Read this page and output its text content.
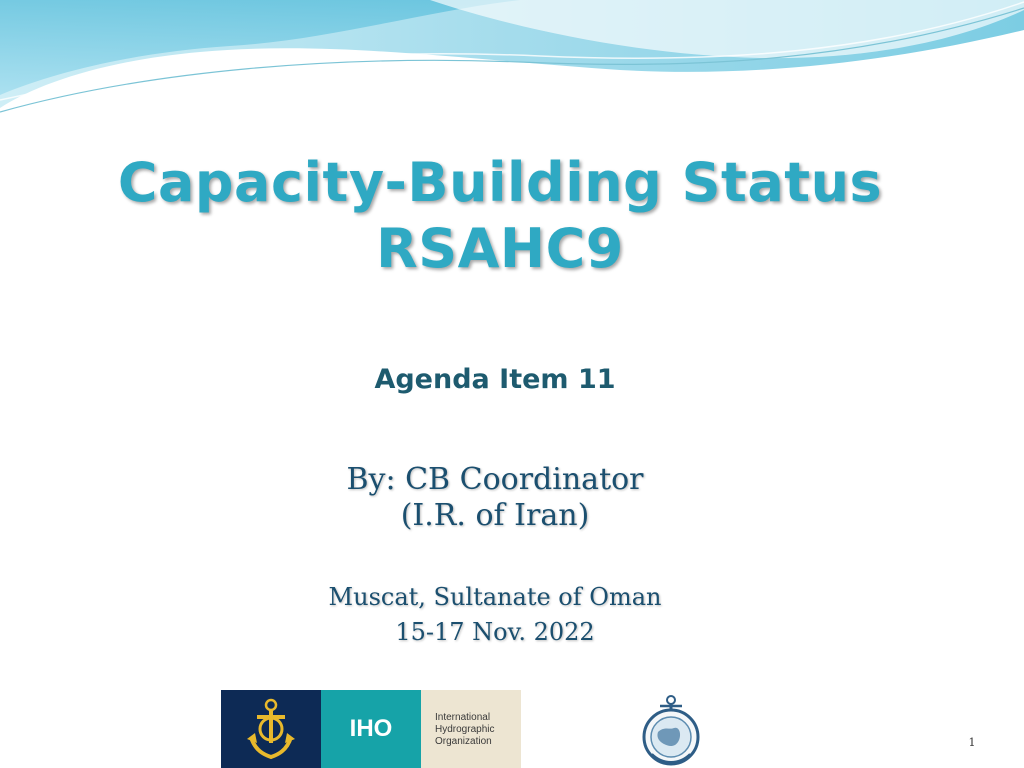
Capacity-Building Status
RSAHC9
Agenda Item 11
By: CB Coordinator
(I.R. of Iran)
Muscat, Sultanate of Oman
15-17 Nov. 2022
IHO	International
Hydrographic
Organization	1
